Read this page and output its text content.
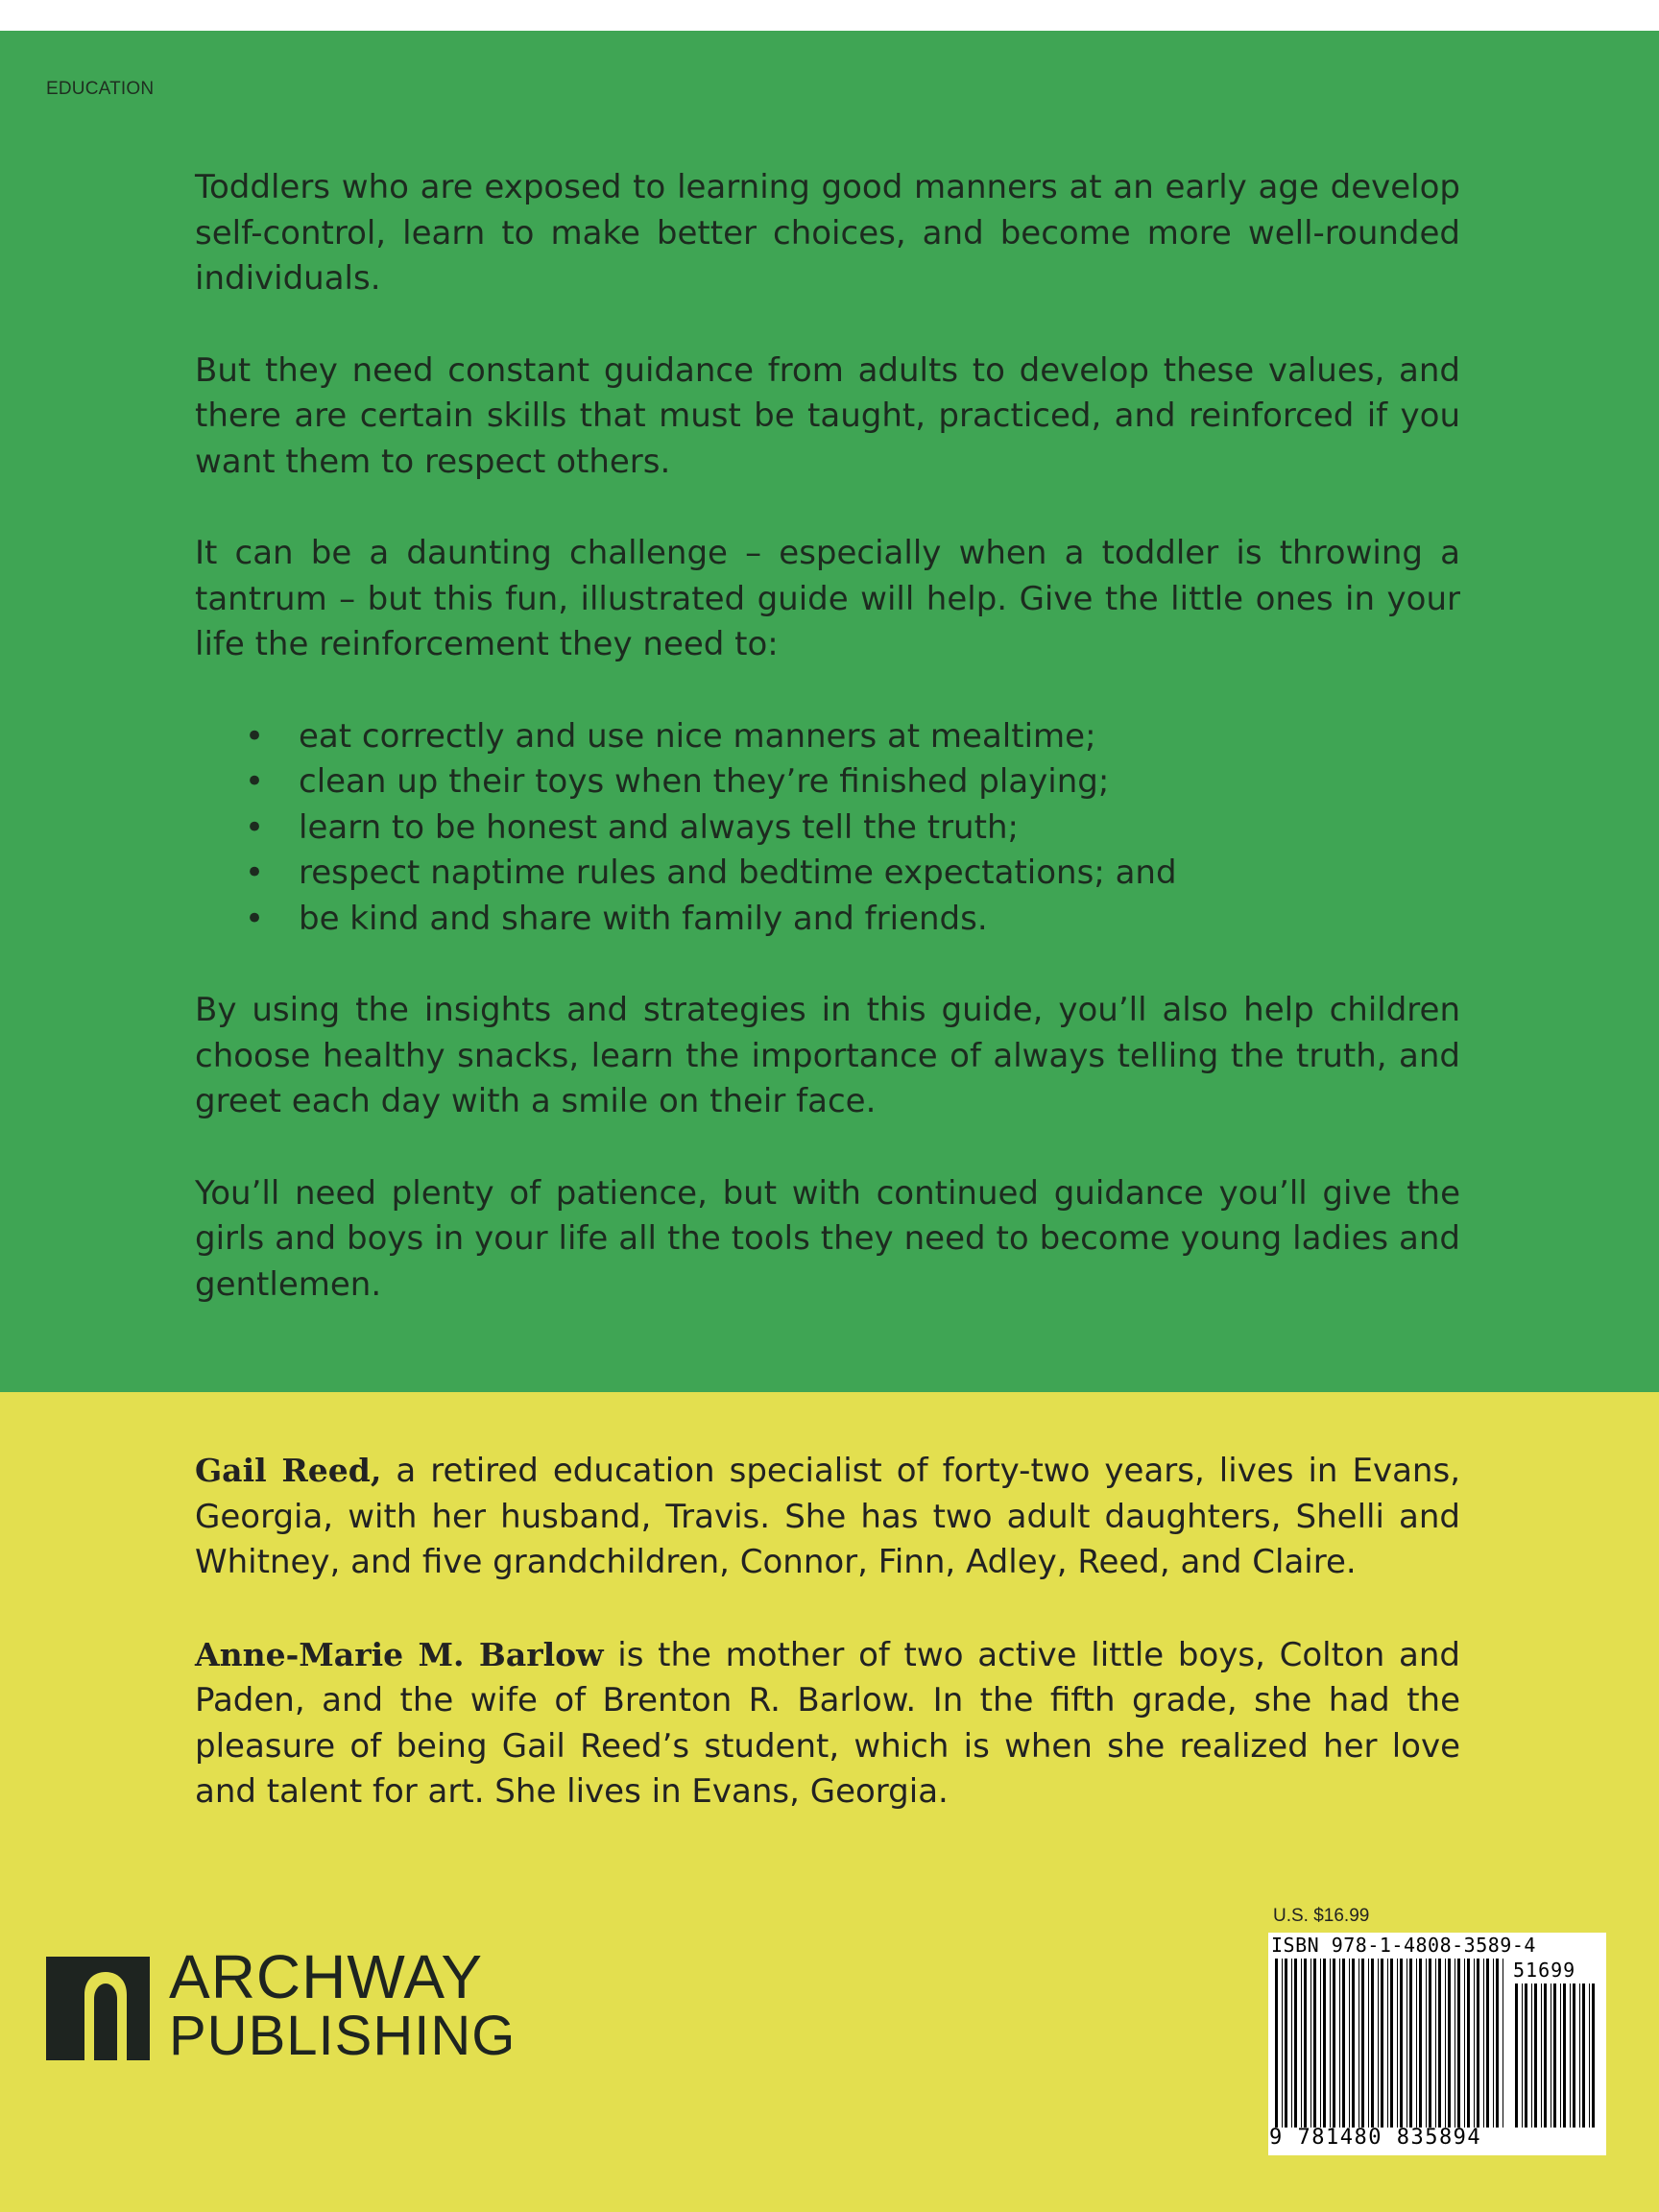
EDUCATION

Toddlers who are exposed to learning good manners at an early age develop self-control, learn to make better choices, and become more well-rounded individuals.

But they need constant guidance from adults to develop these values, and there are certain skills that must be taught, practiced, and reinforced if you want them to respect others.

It can be a daunting challenge – especially when a toddler is throwing a tantrum – but this fun, illustrated guide will help. Give the little ones in your life the reinforcement they need to:

• eat correctly and use nice manners at mealtime;
• clean up their toys when they’re finished playing;
• learn to be honest and always tell the truth;
• respect naptime rules and bedtime expectations; and
• be kind and share with family and friends.

By using the insights and strategies in this guide, you’ll also help children choose healthy snacks, learn the importance of always telling the truth, and greet each day with a smile on their face.

You’ll need plenty of patience, but with continued guidance you’ll give the girls and boys in your life all the tools they need to become young ladies and gentlemen.

Gail Reed, a retired education specialist of forty-two years, lives in Evans, Georgia, with her husband, Travis. She has two adult daughters, Shelli and Whitney, and five grandchildren, Connor, Finn, Adley, Reed, and Claire.

Anne-Marie M. Barlow is the mother of two active little boys, Colton and Paden, and the wife of Brenton R. Barlow. In the fifth grade, she had the pleasure of being Gail Reed’s student, which is when she realized her love and talent for art. She lives in Evans, Georgia.

ARCHWAY
PUBLISHING
U.S. $16.99
ISBN 978-1-4808-3589-4
51699
9 781480 835894
